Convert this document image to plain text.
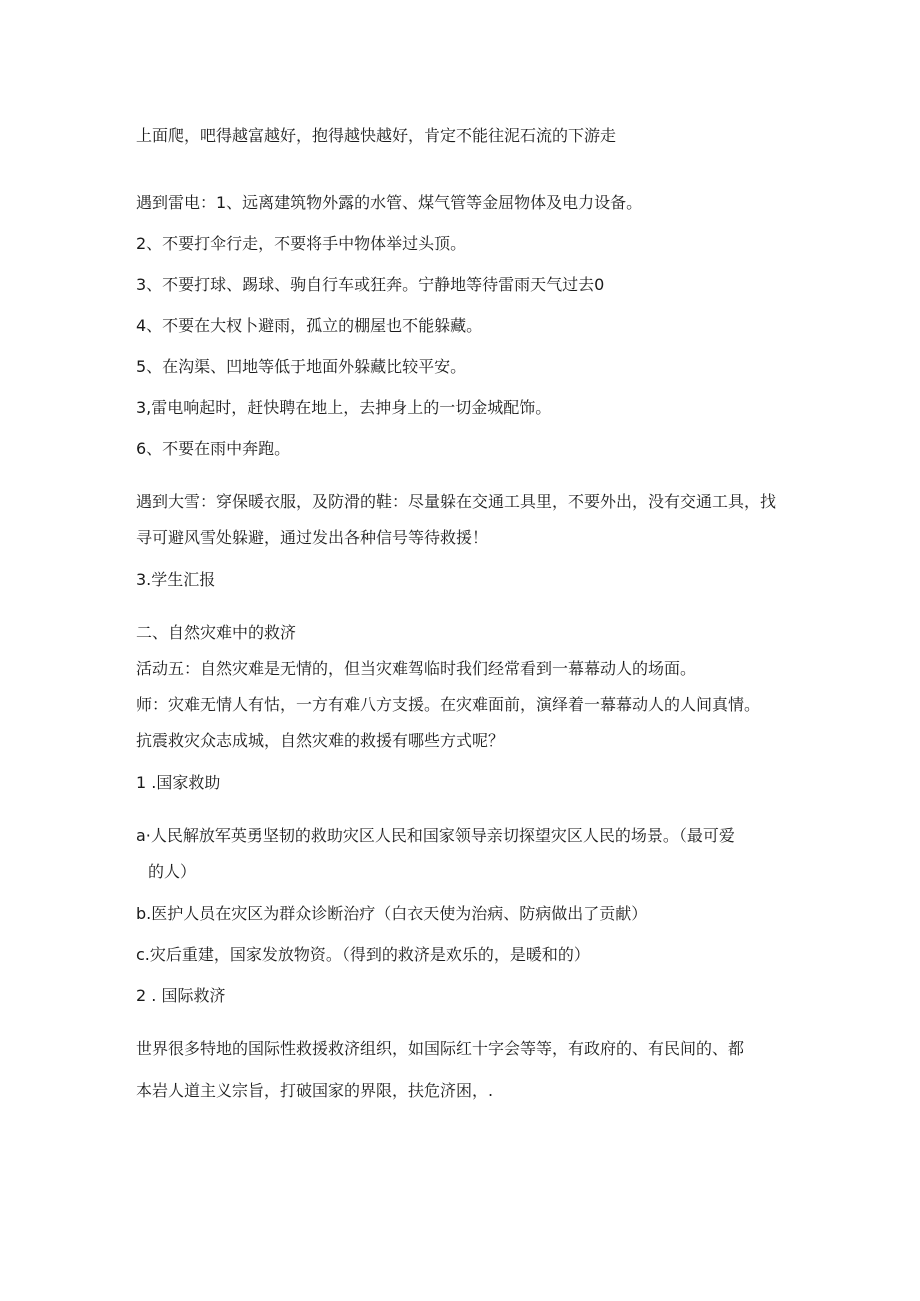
上面爬，吧得越富越好，抱得越快越好，肯定不能往泥石流的下游走
遇到雷电：1、远离建筑物外露的水管、煤气管等金屈物体及电力设备。
2、不要打伞行走，不要将手中物体举过头顶。
3、不要打球、踢球、驹自行车或狂奔。宁静地等待雷雨天气过去0
4、不要在大杈卜避雨，孤立的棚屋也不能躲藏。
5、在沟渠、凹地等低于地面外躲藏比较平安。
3,雷电响起时，赶快聘在地上，去抻身上的一切金城配饰。
6、不要在雨中奔跑。
遇到大雪：穿保暖衣服，及防滑的鞋：尽量躲在交通工具里，不要外出，没有交通工具，找
寻可避风雪处躲避，通过发出各种信号等待救援！
3.学生汇报
二、自然灾难中的救济
活动五：自然灾难是无情的，但当灾难驾临时我们经常看到一幕幕动人的场面。
师：灾难无情人有怙，一方有难八方支援。在灾难面前，演绎着一幕幕动人的人间真情。
抗震救灾众志成城，自然灾难的救援有哪些方式呢？
1 .国家救助
a·人民解放军英勇坚韧的救助灾区人民和国家领导亲切探望灾区人民的场景。（最可爱
的人）
b.医护人员在灾区为群众诊断治疗（白衣天使为治病、防病做出了贡献）
c.灾后重建，国家发放物资。（得到的救济是欢乐的，是暖和的）
2 . 国际救济
世界很多特地的国际性救援救济组织，如国际红十字会等等，有政府的、有民间的、都
本岩人道主义宗旨，打破国家的界限，扶危济困，.
